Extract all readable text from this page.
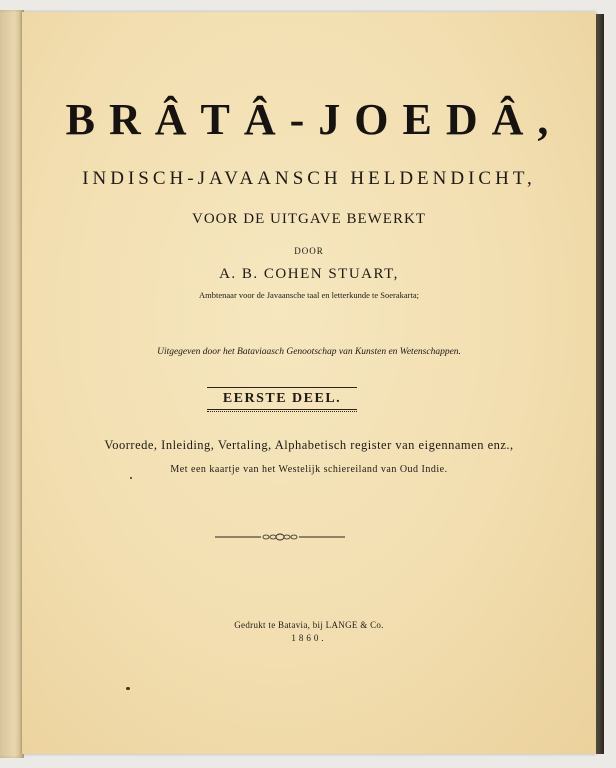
BRÂTÂ-JOEDÂ,
INDISCH-JAVAANSCH HELDENDICHT,
VOOR DE UITGAVE BEWERKT
DOOR
A. B. COHEN STUART,
Ambtenaar voor de Javaansche taal en letterkunde te Soerakarta;
Uitgegeven door het Bataviaasch Genootschap van Kunsten en Wetenschappen.
EERSTE DEEL.
Voorrede, Inleiding, Vertaling, Alphabetisch register van eigennamen enz.,
Met een kaartje van het Westelijk schiereiland van Oud Indie.
Gedrukt te Batavia, bij LANGE & Co.
1860.
